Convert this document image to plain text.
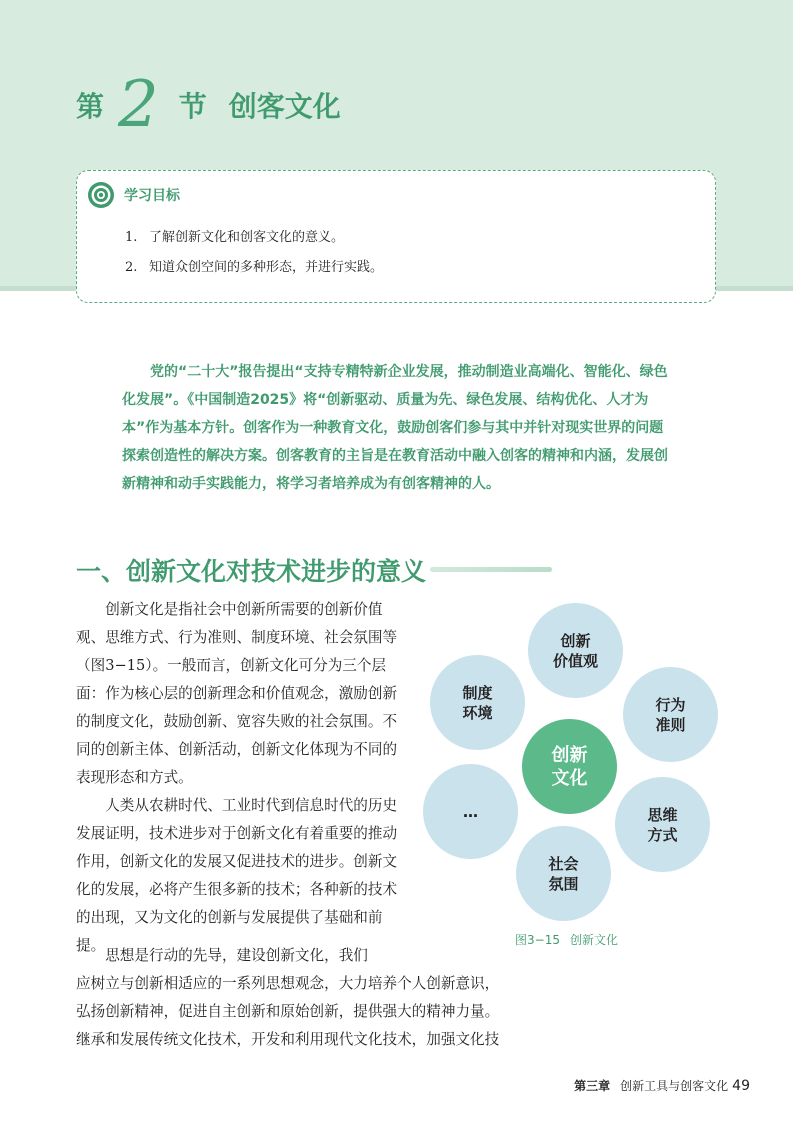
第 2 节 创客文化
学习目标
1. 了解创新文化和创客文化的意义。
2. 知道众创空间的多种形态，并进行实践。

党的“二十大”报告提出“支持专精特新企业发展，推动制造业高端化、智能化、绿色化发展”。《中国制造2025》将“创新驱动、质量为先、绿色发展、结构优化、人才为本”作为基本方针。创客作为一种教育文化，鼓励创客们参与其中并针对现实世界的问题探索创造性的解决方案。创客教育的主旨是在教育活动中融入创客的精神和内涵，发展创新精神和动手实践能力，将学习者培养成为有创客精神的人。

一、创新文化对技术进步的意义

创新文化是指社会中创新所需要的创新价值观、思维方式、行为准则、制度环境、社会氛围等（图3−15）。一般而言，创新文化可分为三个层面：作为核心层的创新理念和价值观念，激励创新的制度文化，鼓励创新、宽容失败的社会氛围。不同的创新主体、创新活动，创新文化体现为不同的表现形态和方式。

人类从农耕时代、工业时代到信息时代的历史发展证明，技术进步对于创新文化有着重要的推动作用，创新文化的发展又促进技术的进步。创新文化的发展，必将产生很多新的技术；各种新的技术的出现，又为文化的创新与发展提供了基础和前提。

思想是行动的先导，建设创新文化，我们
应树立与创新相适应的一系列思想观念，大力培养个人创新意识，
弘扬创新精神，促进自主创新和原始创新，提供强大的精神力量。
继承和发展传统文化技术，开发和利用现代文化技术，加强文化技
创新
价值观
行为
准则
思维
方式
社会
氛围
…
制度
环境
创新
文化
图3−15 创新文化
第三章 创新工具与创客文化 49
